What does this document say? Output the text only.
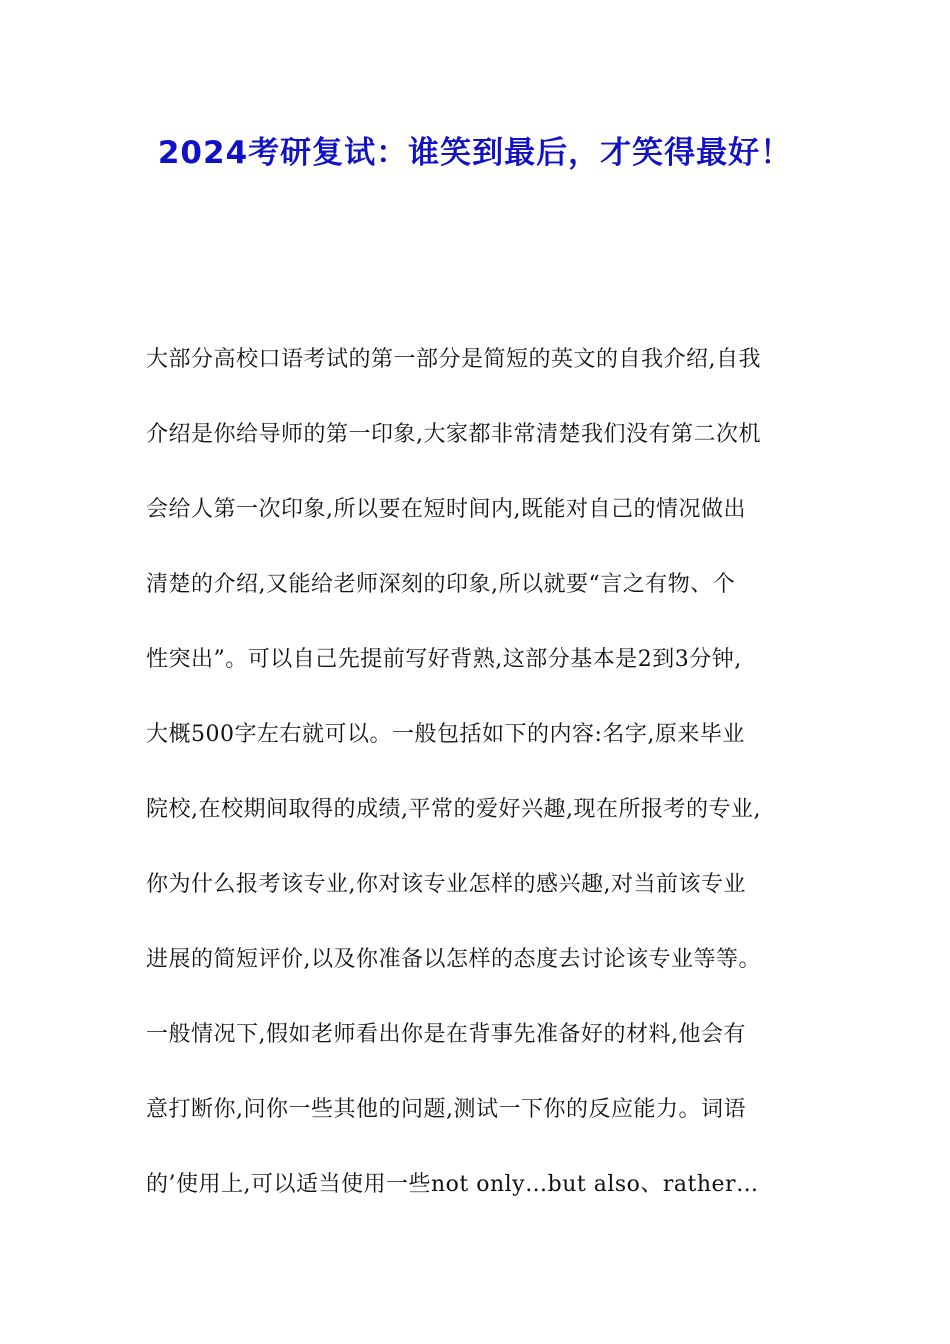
2024考研复试：谁笑到最后，才笑得最好！
大部分高校口语考试的第一部分是简短的英文的自我介绍,自我
介绍是你给导师的第一印象,大家都非常清楚我们没有第二次机
会给人第一次印象,所以要在短时间内,既能对自己的情况做出
清楚的介绍,又能给老师深刻的印象,所以就要“言之有物、个
性突出”。可以自己先提前写好背熟,这部分基本是2到3分钟,
大概500字左右就可以。一般包括如下的内容:名字,原来毕业
院校,在校期间取得的成绩,平常的爱好兴趣,现在所报考的专业,
你为什么报考该专业,你对该专业怎样的感兴趣,对当前该专业
进展的简短评价,以及你准备以怎样的态度去讨论该专业等等。
一般情况下,假如老师看出你是在背事先准备好的材料,他会有
意打断你,问你一些其他的问题,测试一下你的反应能力。词语
的’使用上,可以适当使用一些not only…but also、rather…
